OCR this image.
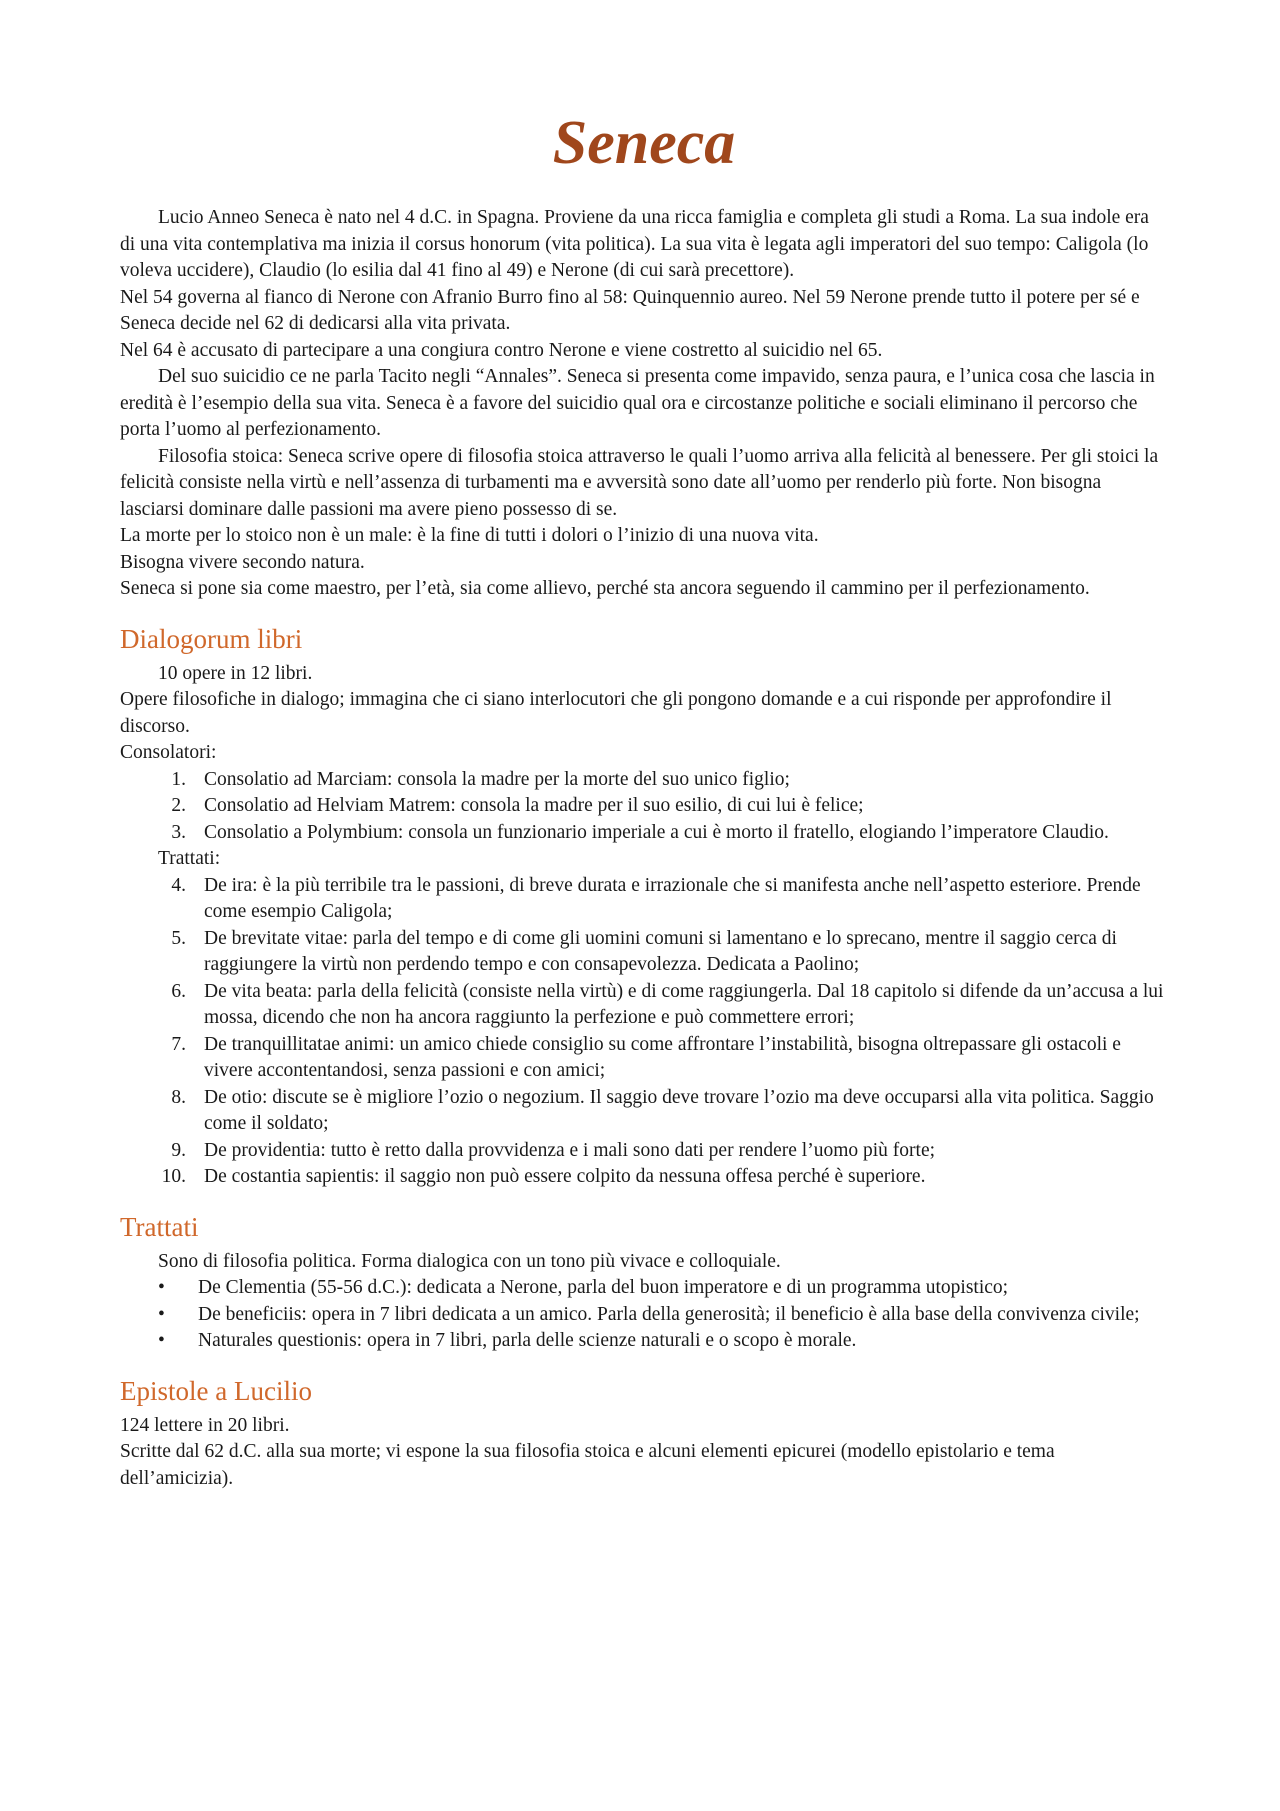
Seneca

Lucio Anneo Seneca è nato nel 4 d.C. in Spagna. Proviene da una ricca famiglia e completa gli studi a Roma. La sua indole era di una vita contemplativa ma inizia il corsus honorum (vita politica). La sua vita è legata agli imperatori del suo tempo: Caligola (lo voleva uccidere), Claudio (lo esilia dal 41 fino al 49) e Nerone (di cui sarà precettore).

Nel 54 governa al fianco di Nerone con Afranio Burro fino al 58: Quinquennio aureo. Nel 59 Nerone prende tutto il potere per sé e Seneca decide nel 62 di dedicarsi alla vita privata.

Nel 64 è accusato di partecipare a una congiura contro Nerone e viene costretto al suicidio nel 65.

Del suo suicidio ce ne parla Tacito negli “Annales”. Seneca si presenta come impavido, senza paura, e l’unica cosa che lascia in eredità è l’esempio della sua vita. Seneca è a favore del suicidio qual ora e circostanze politiche e sociali eliminano il percorso che porta l’uomo al perfezionamento.

Filosofia stoica: Seneca scrive opere di filosofia stoica attraverso le quali l’uomo arriva alla felicità al benessere. Per gli stoici la felicità consiste nella virtù e nell’assenza di turbamenti ma e avversità sono date all’uomo per renderlo più forte. Non bisogna lasciarsi dominare dalle passioni ma avere pieno possesso di se.

La morte per lo stoico non è un male: è la fine di tutti i dolori o l’inizio di una nuova vita.

Bisogna vivere secondo natura.

Seneca si pone sia come maestro, per l’età, sia come allievo, perché sta ancora seguendo il cammino per il perfezionamento.

Dialogorum libri

10 opere in 12 libri.

Opere filosofiche in dialogo; immagina che ci siano interlocutori che gli pongono domande e a cui risponde per approfondire il discorso.

Consolatori:

1. Consolatio ad Marciam: consola la madre per la morte del suo unico figlio;
2. Consolatio ad Helviam Matrem: consola la madre per il suo esilio, di cui lui è felice;
3. Consolatio a Polymbium: consola un funzionario imperiale a cui è morto il fratello, elogiando l’imperatore Claudio.

Trattati:

4. De ira: è la più terribile tra le passioni, di breve durata e irrazionale che si manifesta anche nell’aspetto esteriore. Prende come esempio Caligola;
5. De brevitate vitae: parla del tempo e di come gli uomini comuni si lamentano e lo sprecano, mentre il saggio cerca di raggiungere la virtù non perdendo tempo e con consapevolezza. Dedicata a Paolino;
6. De vita beata: parla della felicità (consiste nella virtù) e di come raggiungerla. Dal 18 capitolo si difende da un’accusa a lui mossa, dicendo che non ha ancora raggiunto la perfezione e può commettere errori;
7. De tranquillitatae animi: un amico chiede consiglio su come affrontare l’instabilità, bisogna oltrepassare gli ostacoli e vivere accontentandosi, senza passioni e con amici;
8. De otio: discute se è migliore l’ozio o negozium. Il saggio deve trovare l’ozio ma deve occuparsi alla vita politica. Saggio come il soldato;
9. De providentia: tutto è retto dalla provvidenza e i mali sono dati per rendere l’uomo più forte;
10. De costantia sapientis: il saggio non può essere colpito da nessuna offesa perché è superiore.
Trattati

Sono di filosofia politica. Forma dialogica con un tono più vivace e colloquiale.

• De Clementia (55-56 d.C.): dedicata a Nerone, parla del buon imperatore e di un programma utopistico;
• De beneficiis: opera in 7 libri dedicata a un amico. Parla della generosità; il beneficio è alla base della convivenza civile;
• Naturales questionis: opera in 7 libri, parla delle scienze naturali e o scopo è morale.
Epistole a Lucilio

124 lettere in 20 libri.

Scritte dal 62 d.C. alla sua morte; vi espone la sua filosofia stoica e alcuni elementi epicurei (modello epistolario e tema dell’amicizia).
